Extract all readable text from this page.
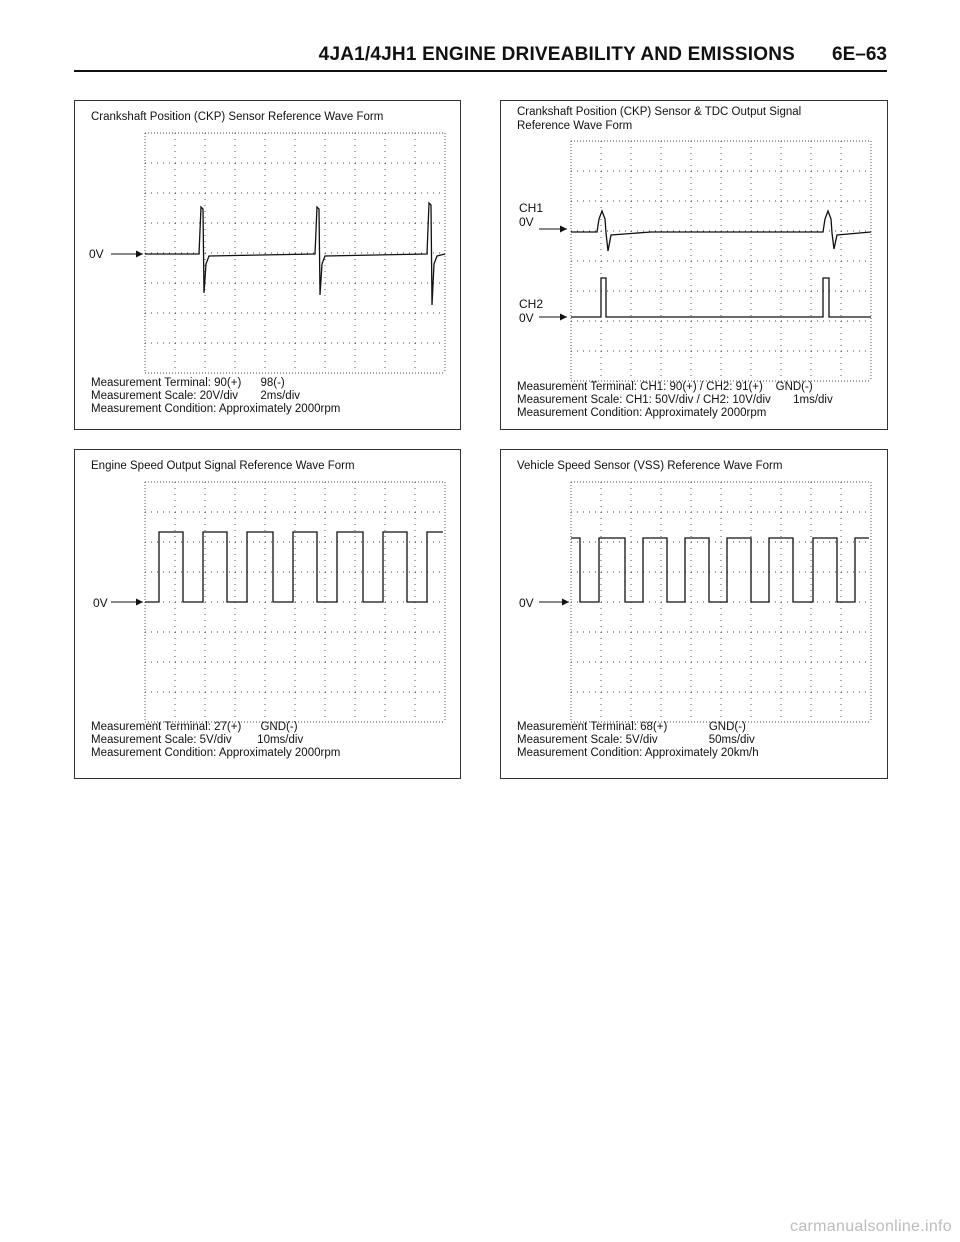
4JA1/4JH1 ENGINE DRIVEABILITY AND EMISSIONS 6E–63
Crankshaft Position (CKP) Sensor Reference Wave Form
0V
Measurement Terminal: 90(+)      98(-)
Measurement Scale: 20V/div       2ms/div
Measurement Condition: Approximately 2000rpm
Crankshaft Position (CKP) Sensor & TDC Output Signal
Reference Wave Form
CH1
0V
CH2
0V
Measurement Terminal: CH1: 90(+) / CH2: 91(+)    GND(-)
Measurement Scale: CH1: 50V/div / CH2: 10V/div       1ms/div
Measurement Condition: Approximately 2000rpm
Engine Speed Output Signal Reference Wave Form
0V
Measurement Terminal: 27(+)      GND(-)
Measurement Scale: 5V/div        10ms/div
Measurement Condition: Approximately 2000rpm
Vehicle Speed Sensor (VSS) Reference Wave Form
0V
Measurement Terminal: 68(+)             GND(-)
Measurement Scale: 5V/div                50ms/div
Measurement Condition: Approximately 20km/h
carmanualsonline.info
